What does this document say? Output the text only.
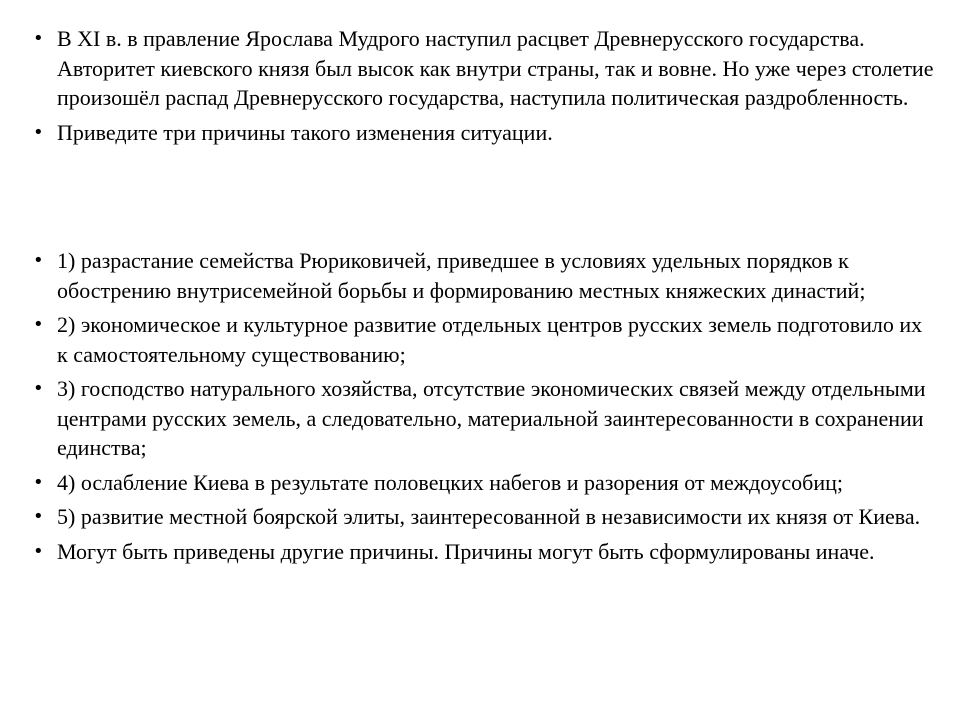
• В XI в. в правление Ярослава Мудрого наступил расцвет Древнерусского государства. Авторитет киевского князя был высок как внутри страны, так и вовне. Но уже через столетие произошёл распад Древнерусского государства, наступила политическая раздробленность.
• Приведите три причины такого изменения ситуации.
• 1) разрастание семейства Рюриковичей, приведшее в условиях удельных порядков к обострению внутрисемейной борьбы и формированию местных княжеских династий;
• 2) экономическое и культурное развитие отдельных центров русских земель подготовило их к самостоятельному существованию;
• 3) господство натурального хозяйства, отсутствие экономических связей между отдельными центрами русских земель, а следовательно, материальной заинтересованности в сохранении единства;
• 4) ослабление Киева в результате половецких набегов и разорения от междоусобиц;
• 5) развитие местной боярской элиты, заинтересованной в независимости их князя от Киева.
• Могут быть приведены другие причины. Причины могут быть сформулированы иначе.
